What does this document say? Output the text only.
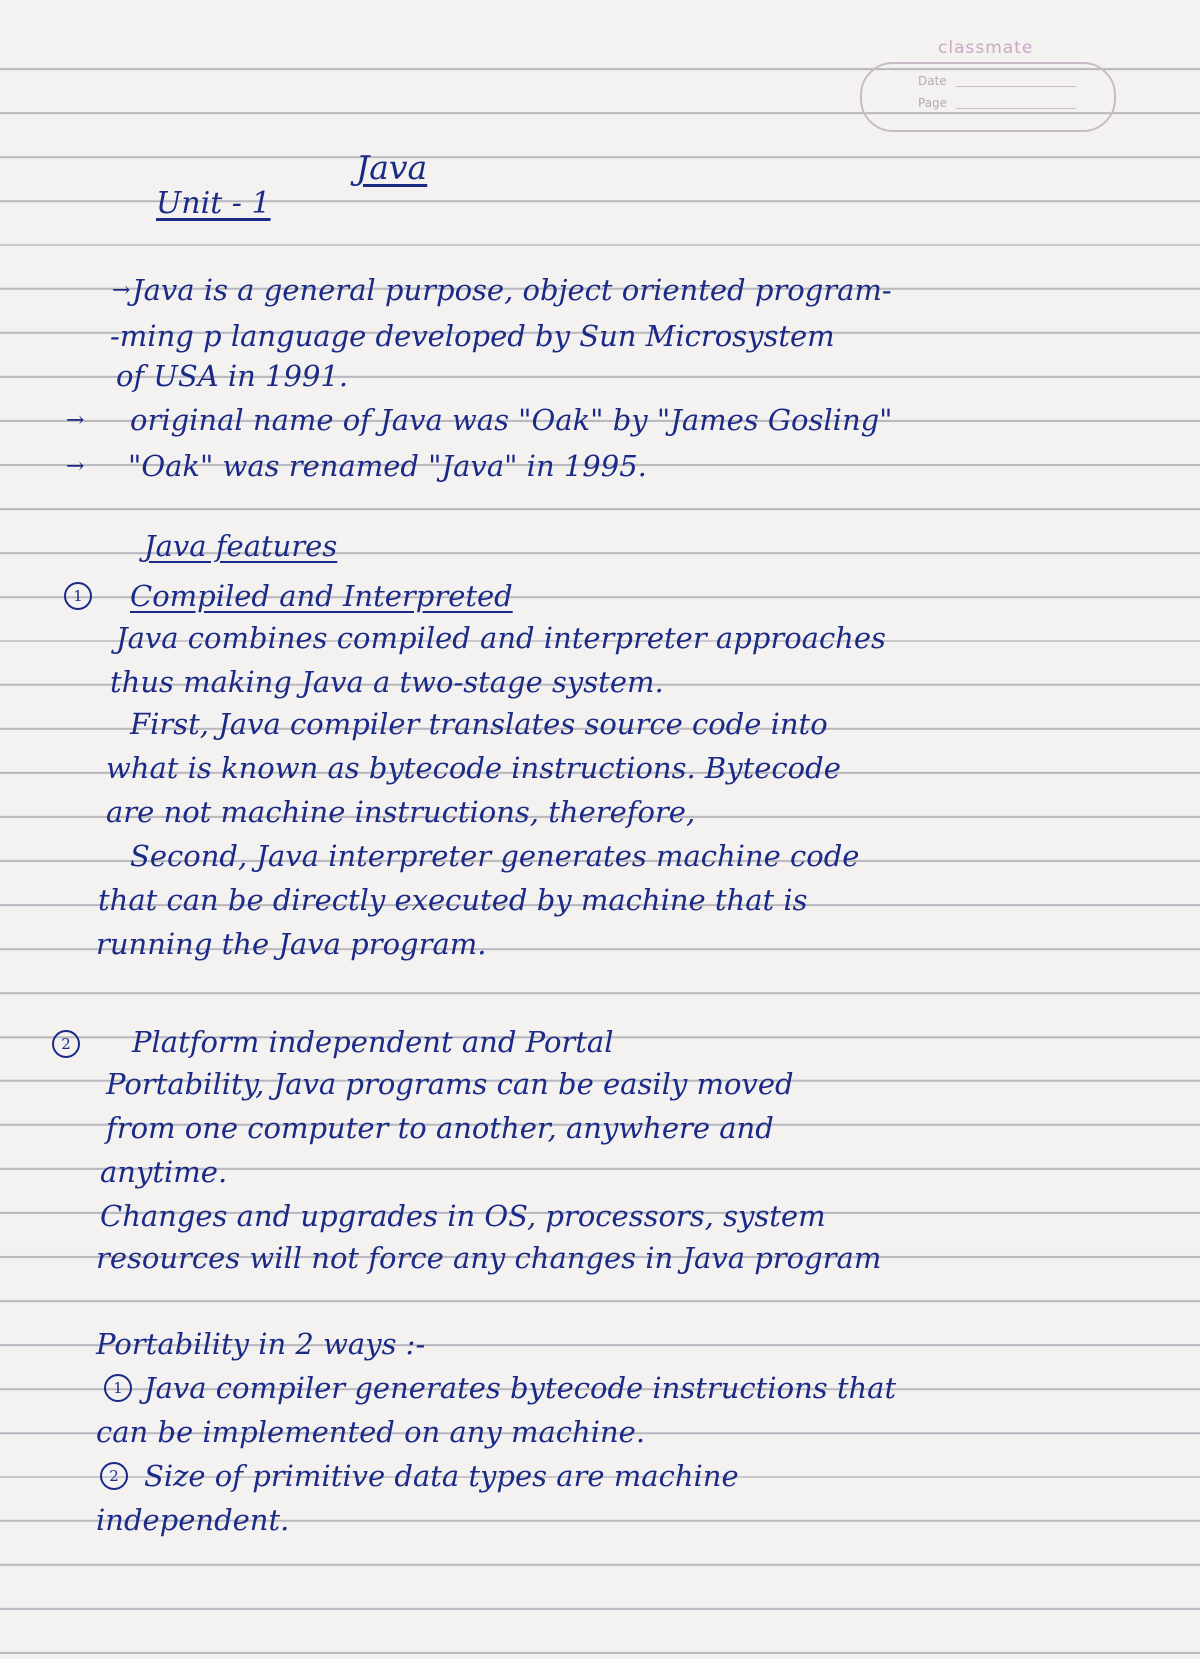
classmate
Date
Page
Java
Unit - 1
→ Java is a general purpose, object oriented program-
-ming p language developed by Sun Microsystem
of USA in 1991.
→ original name of Java was "Oak" by "James Gosling"
→ "Oak" was renamed "Java" in 1995.
Java features
1	Compiled and Interpreted
Java combines compiled and interpreter approaches
thus making Java a two-stage system.
First, Java compiler translates source code into
what is known as bytecode instructions. Bytecode
are not machine instructions, therefore,
Second, Java interpreter generates machine code
that can be directly executed by machine that is
running the Java program.
2	Platform independent and Portal
Portability, Java programs can be easily moved
from one computer to another, anywhere and
anytime.
Changes and upgrades in OS, processors, system
resources will not force any changes in Java program
Portability in 2 ways :-
1 Java compiler generates bytecode instructions that
can be implemented on any machine.
2 Size of primitive data types are machine
independent.
